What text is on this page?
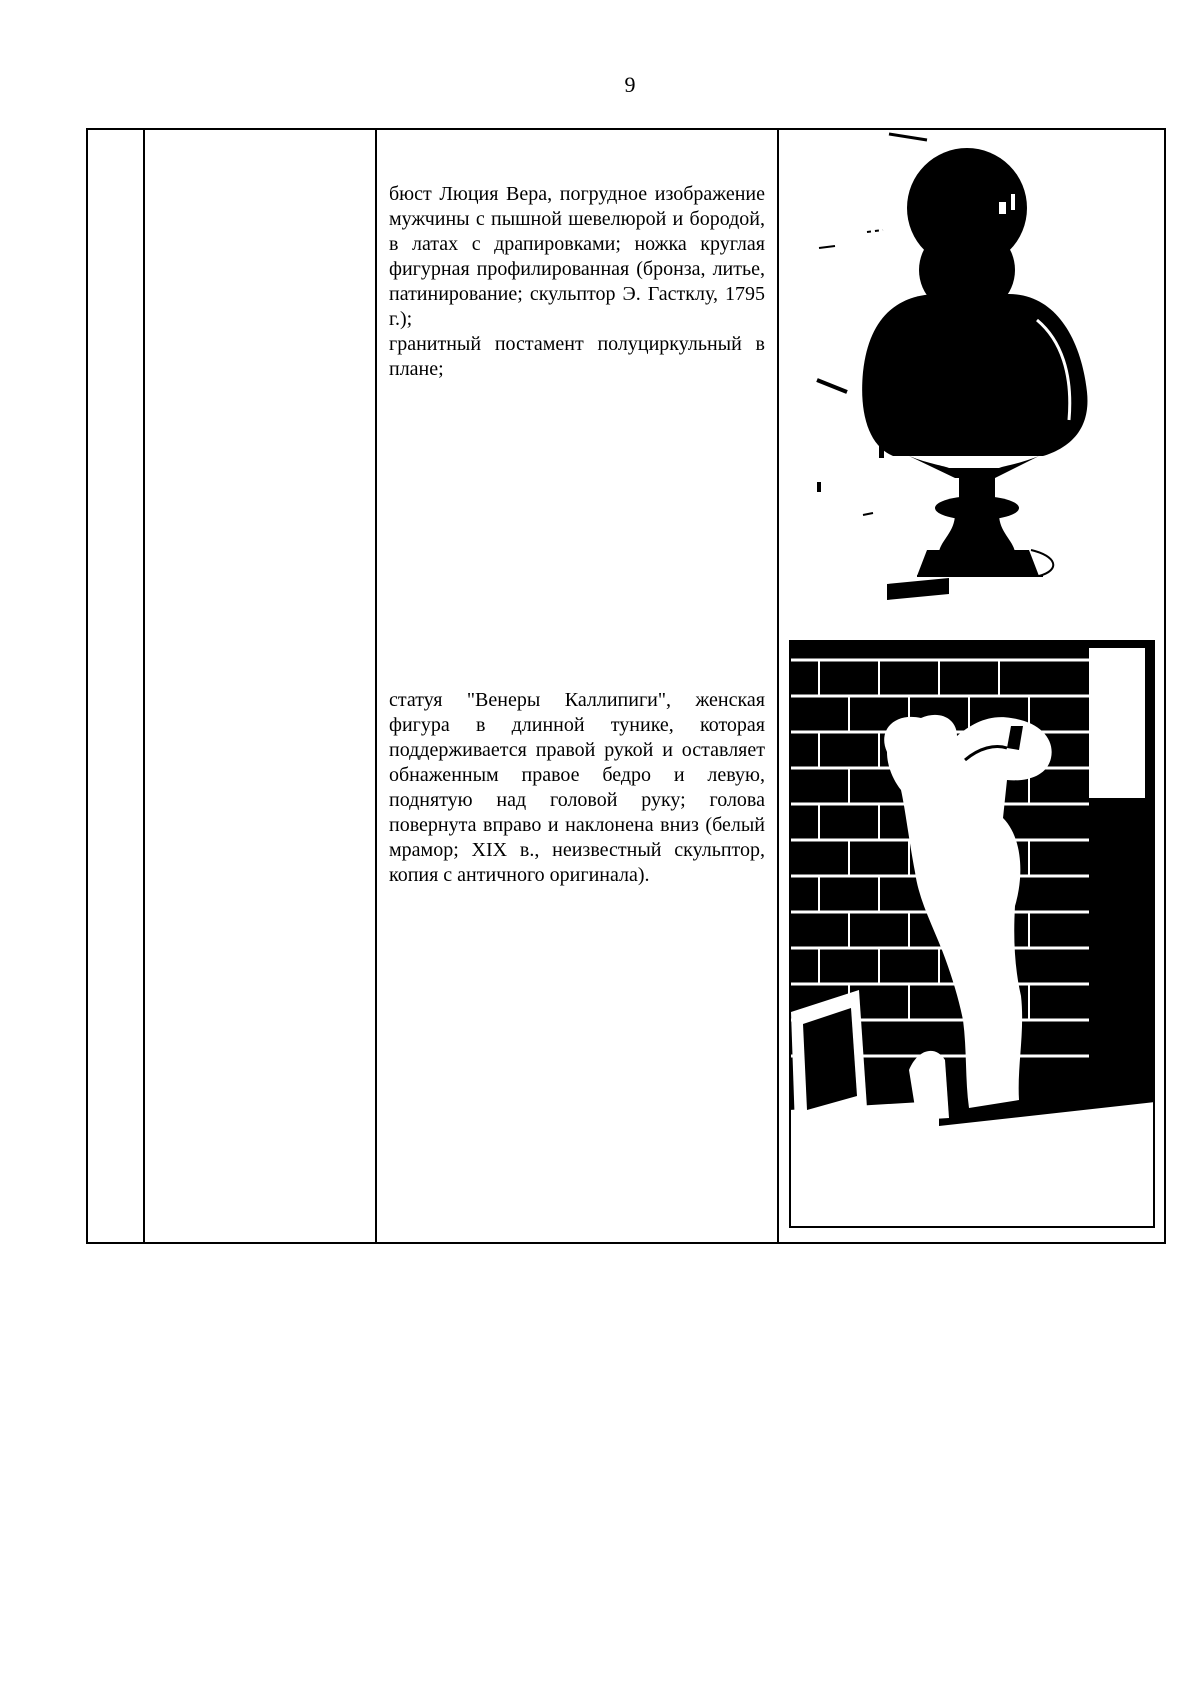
9

бюст Люция Вера, погрудное изображение мужчины с пышной шевелюрой и бородой, в латах с драпировками; ножка круглая фигурная профилированная (бронза, литье, патинирование; скульптор Э. Гастклу, 1795 г.);

гранитный постамент полуциркульный в плане;

статуя "Венеры Каллипиги", женская фигура в длинной тунике, которая поддерживается правой рукой и оставляет обнаженным правое бедро и левую, поднятую над головой руку; голова повернута вправо и наклонена вниз (белый мрамор; XIX в., неизвестный скульптор, копия с античного оригинала).
